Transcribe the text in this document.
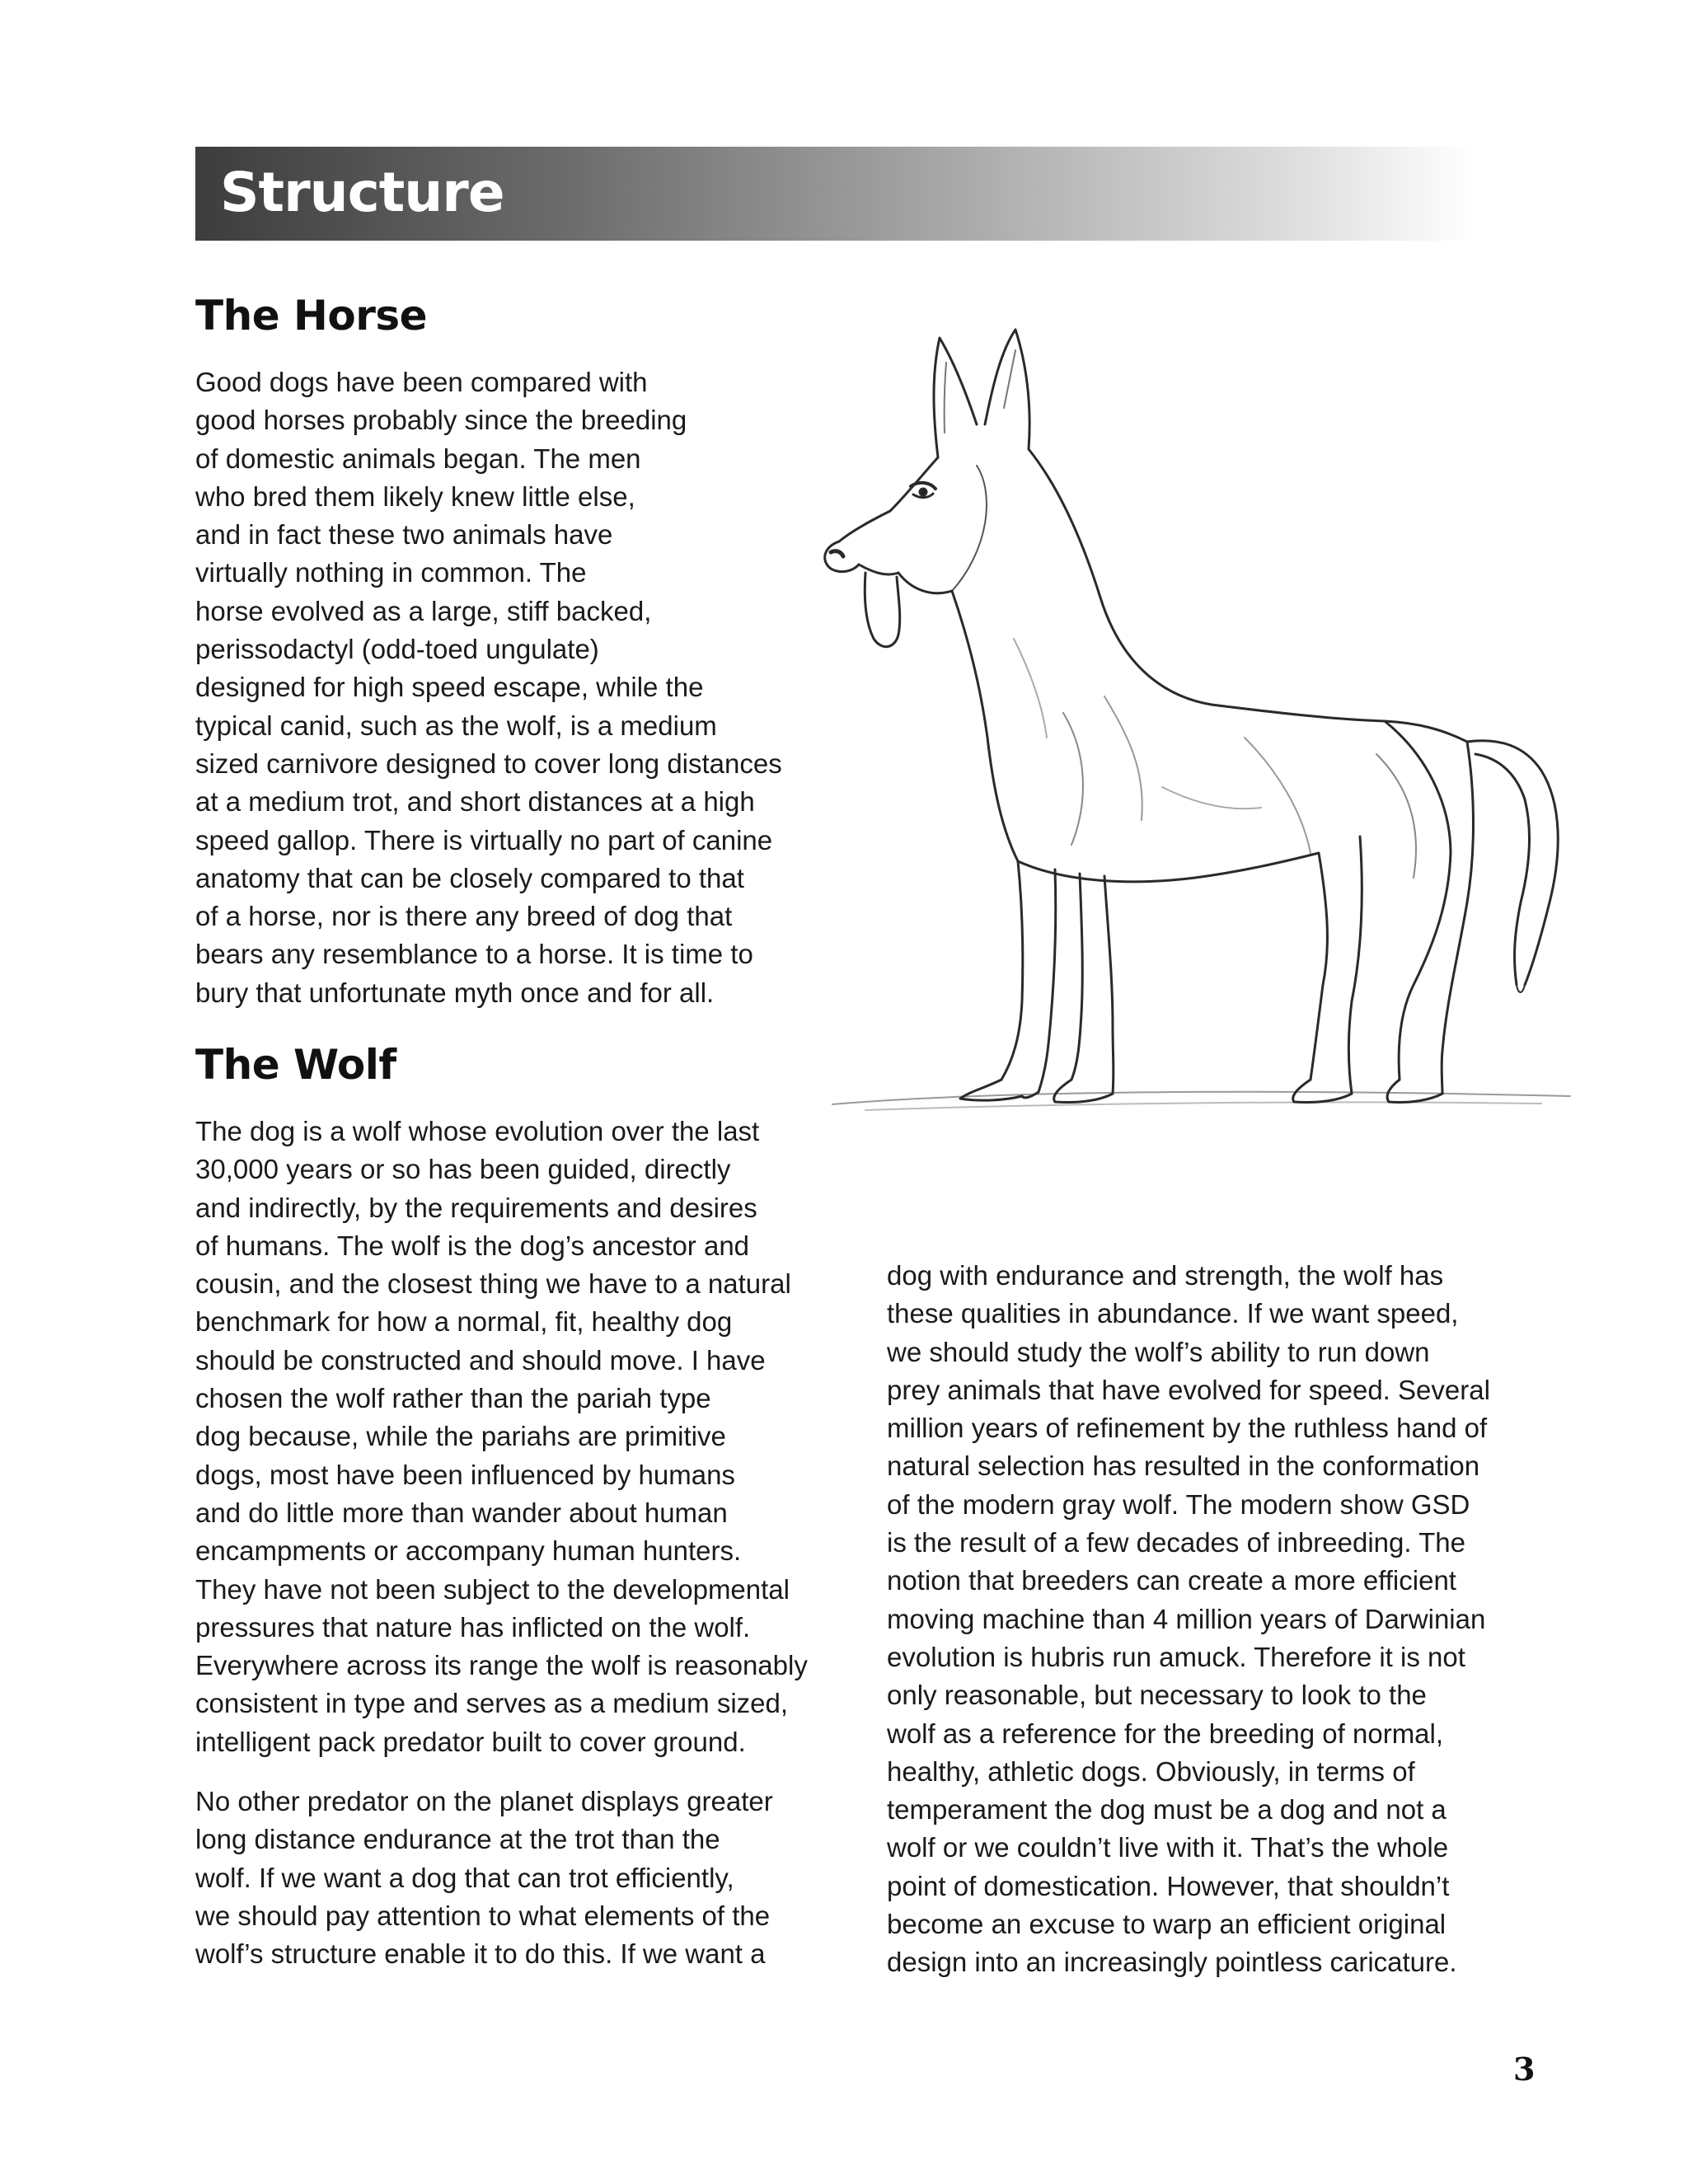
Structure
The Horse

Good dogs have been compared with
good horses probably since the breeding
of domestic animals began. The men
who bred them likely knew little else,
and in fact these two animals have
virtually nothing in common. The
horse evolved as a large, stiff backed,
perissodactyl (odd-toed ungulate)
designed for high speed escape, while the
typical canid, such as the wolf, is a medium
sized carnivore designed to cover long distances
at a medium trot, and short distances at a high
speed gallop. There is virtually no part of canine
anatomy that can be closely compared to that
of a horse, nor is there any breed of dog that
bears any resemblance to a horse. It is time to
bury that unfortunate myth once and for all.

The Wolf

The dog is a wolf whose evolution over the last
30,000 years or so has been guided, directly
and indirectly, by the requirements and desires
of humans. The wolf is the dog’s ancestor and
cousin, and the closest thing we have to a natural
benchmark for how a normal, fit, healthy dog
should be constructed and should move. I have
chosen the wolf rather than the pariah type
dog because, while the pariahs are primitive
dogs, most have been influenced by humans
and do little more than wander about human
encampments or accompany human hunters.
They have not been subject to the developmental
pressures that nature has inflicted on the wolf.
Everywhere across its range the wolf is reasonably
consistent in type and serves as a medium sized,
intelligent pack predator built to cover ground.

No other predator on the planet displays greater
long distance endurance at the trot than the
wolf. If we want a dog that can trot efficiently,
we should pay attention to what elements of the
wolf’s structure enable it to do this. If we want a

dog with endurance and strength, the wolf has
these qualities in abundance. If we want speed,
we should study the wolf’s ability to run down
prey animals that have evolved for speed. Several
million years of refinement by the ruthless hand of
natural selection has resulted in the conformation
of the modern gray wolf. The modern show GSD
is the result of a few decades of inbreeding. The
notion that breeders can create a more efficient
moving machine than 4 million years of Darwinian
evolution is hubris run amuck. Therefore it is not
only reasonable, but necessary to look to the
wolf as a reference for the breeding of normal,
healthy, athletic dogs. Obviously, in terms of
temperament the dog must be a dog and not a
wolf or we couldn’t live with it. That’s the whole
point of domestication. However, that shouldn’t
become an excuse to warp an efficient original
design into an increasingly pointless caricature.

3
